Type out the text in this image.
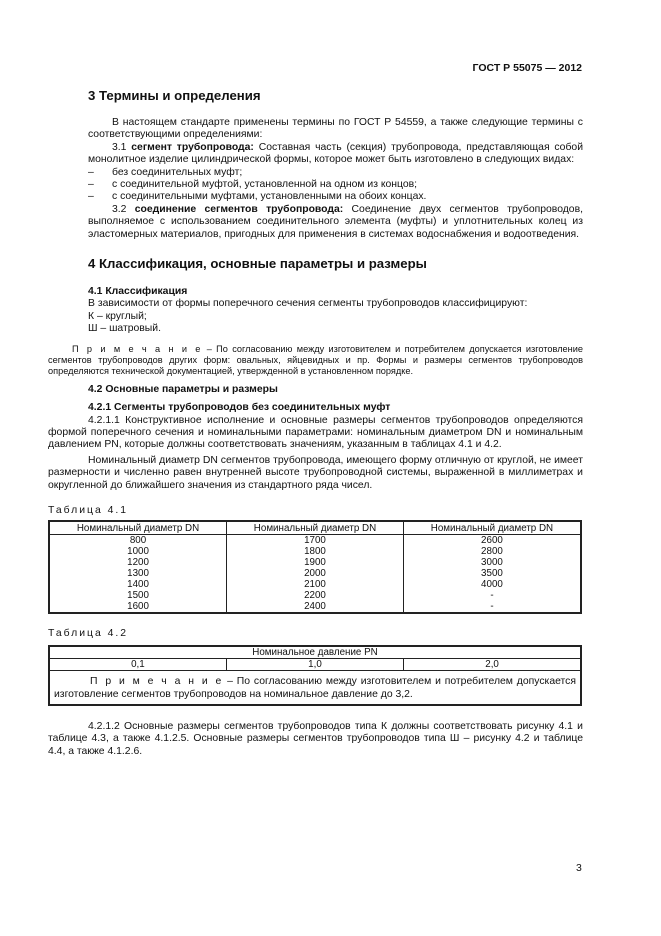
ГОСТ Р 55075 — 2012
3 Термины и определения

В настоящем стандарте применены термины по ГОСТ Р 54559, а также следующие термины с соответствующими определениями:

3.1 сегмент трубопровода: Составная часть (секция) трубопровода, представляющая собой монолитное изделие цилиндрической формы, которое может быть изготовлено в следующих видах:

– без соединительных муфт;
– с соединительной муфтой, установленной на одном из концов;
– с соединительными муфтами, установленными на обоих концах.

3.2 соединение сегментов трубопровода: Соединение двух сегментов трубопроводов, выполняемое с использованием соединительного элемента (муфты) и уплотнительных колец из эластомерных материалов, пригодных для применения в системах водоснабжения и водоотведения.

4 Классификация, основные параметры и размеры

4.1 Классификация

В зависимости от формы поперечного сечения сегменты трубопроводов классифицируют:

К – круглый;

Ш – шатровый.

П р и м е ч а н и е – По согласованию между изготовителем и потребителем допускается изготовление сегментов трубопроводов других форм: овальных, яйцевидных и пр. Формы и размеры сегментов трубопроводов определяются технической документацией, утвержденной в установленном порядке.

4.2 Основные параметры и размеры

4.2.1 Сегменты трубопроводов без соединительных муфт

4.2.1.1 Конструктивное исполнение и основные размеры сегментов трубопроводов определяются формой поперечного сечения и номинальными параметрами: номинальным диаметром DN и номинальным давлением PN, которые должны соответствовать значениям, указанным в таблицах 4.1 и 4.2.

Номинальный диаметр DN сегментов трубопровода, имеющего форму отличную от круглой, не имеет размерности и численно равен внутренней высоте трубопроводной системы, выраженной в миллиметрах и округленной до ближайшего значения из стандартного ряда чисел.

Таблица 4.1

Номинальный диаметр DN	Номинальный диаметр DN	Номинальный диаметр DN
800	1700	2600
1000	1800	2800
1200	1900	3000
1300	2000	3500
1400	2100	4000
1500	2200	-
1600	2400	-

Таблица 4.2

Номинальное давление PN
0,1	1,0	2,0
П р и м е ч а н и е – По согласованию между изготовителем и потребителем допускается изготовление сегментов трубопроводов на номинальное давление до 3,2.

4.2.1.2 Основные размеры сегментов трубопроводов типа К должны соответствовать рисунку 4.1 и таблице 4.3, а также 4.1.2.5. Основные размеры сегментов трубопроводов типа Ш – рисунку 4.2 и таблице 4.4, а также 4.1.2.6.

3
